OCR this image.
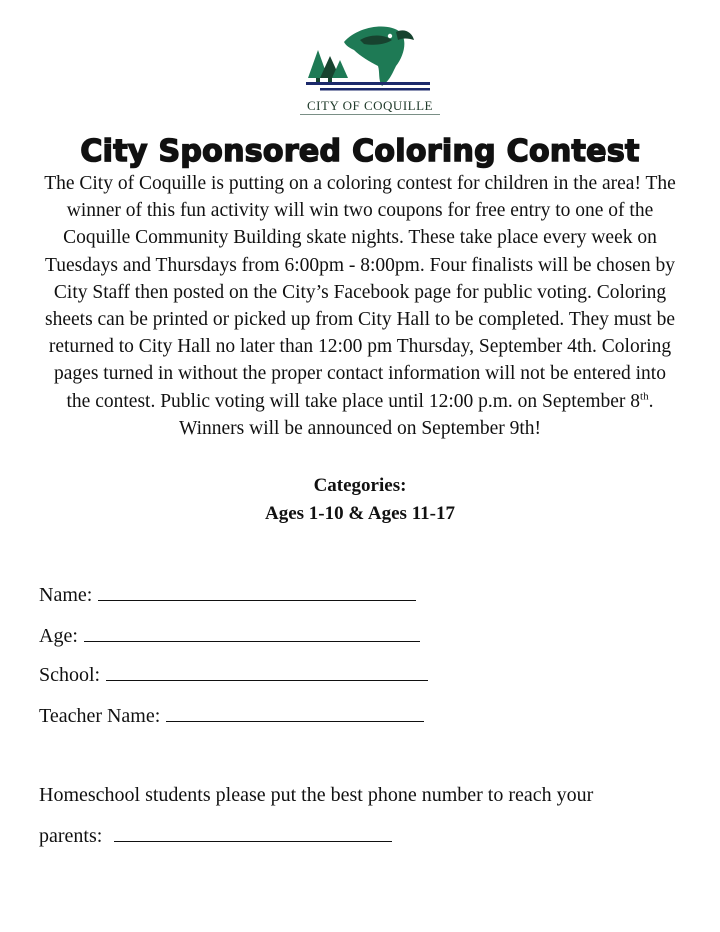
CITY OF COQUILLE
City Sponsored Coloring Contest
The City of Coquille is putting on a coloring contest for children in the area! The winner of this fun activity will win two coupons for free entry to one of the Coquille Community Building skate nights. These take place every week on Tuesdays and Thursdays from 6:00pm - 8:00pm. Four finalists will be chosen by City Staff then posted on the City’s Facebook page for public voting. Coloring sheets can be printed or picked up from City Hall to be completed. They must be returned to City Hall no later than 12:00 pm Thursday, September 4th. Coloring pages turned in without the proper contact information will not be entered into the contest. Public voting will take place until 12:00 p.m. on September 8th. Winners will be announced on September 9th!
Categories:
Ages 1-10 & Ages 11-17
Name:
Age:
School:
Teacher Name:
Homeschool students please put the best phone number to reach your
parents:
